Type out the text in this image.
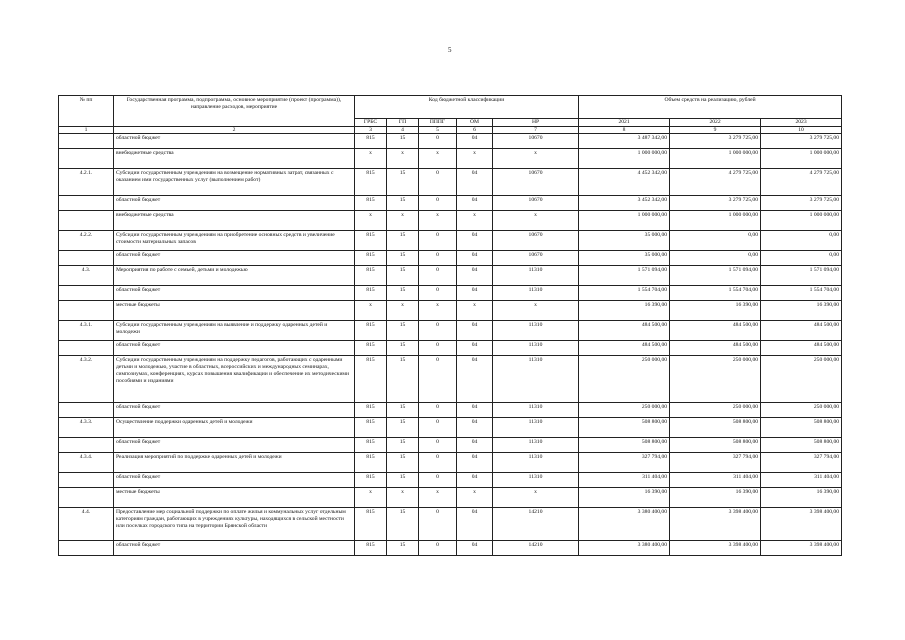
5
№ пп	Государственная программа, подпрограмма, основное мероприятие (проект (программа)), направление расходов, мероприятие	Код бюджетной классификации					Объем средств на реализацию, рублей		
		ГРБС	ГП	ПППГ	ОМ	НР	2021	2022	2023
1	2	3	4	5	6	7	8	9	10
	областной бюджет	815	15	0	04	10670	3 487 342,00	3 279 725,00	3 279 725,00
	внебюджетные средства	х	х	х	х	х	1 000 000,00	1 000 000,00	1 000 000,00
4.2.1.	Субсидии государственным учреждениям на возмещение нормативных затрат, связанных с оказанием ими государственных услуг (выполнением работ)	815	15	0	04	10670	4 452 342,00	4 279 725,00	4 279 725,00
	областной бюджет	815	15	0	04	10670	3 452 342,00	3 279 725,00	3 279 725,00
	внебюджетные средства	х	х	х	х	х	1 000 000,00	1 000 000,00	1 000 000,00
4.2.2.	Субсидии государственным учреждениям на приобретение основных средств и увеличение стоимости материальных запасов	815	15	0	04	10670	35 000,00	0,00	0,00
	областной бюджет	815	15	0	04	10670	35 000,00	0,00	0,00
4.3.	Мероприятия по работе с семьей, детьми и молодежью	815	15	0	04	11310	1 571 094,00	1 571 094,00	1 571 094,00
	областной бюджет	815	15	0	04	11310	1 554 704,00	1 554 704,00	1 554 704,00
	местные бюджеты	х	х	х	х	х	16 390,00	16 390,00	16 390,00
4.3.1.	Субсидии государственным учреждениям на выявление и поддержку одаренных детей и молодежи	815	15	0	04	11310	484 500,00	484 500,00	484 500,00
	областной бюджет	815	15	0	04	11310	484 500,00	484 500,00	484 500,00
4.3.2.	Субсидии государственным учреждениям на поддержку педагогов, работающих с одаренными детьми и молодежью, участие в областных, всероссийских и международных семинарах, симпозиумах, конференциях, курсах повышения квалификации и обеспечение их методическими пособиями и изданиями	815	15	0	04	11310	250 000,00	250 000,00	250 000,00
	областной бюджет	815	15	0	04	11310	250 000,00	250 000,00	250 000,00
4.3.3.	Осуществление поддержки одаренных детей и молодежи	815	15	0	04	11310	508 800,00	508 800,00	508 800,00
	областной бюджет	815	15	0	04	11310	508 800,00	508 800,00	508 800,00
4.3.4.	Реализация мероприятий по поддержке одаренных детей и молодежи	815	15	0	04	11310	327 794,00	327 794,00	327 794,00
	областной бюджет	815	15	0	04	11310	311 404,00	311 404,00	311 404,00
	местные бюджеты	х	х	х	х	х	16 390,00	16 390,00	16 390,00
4.4.	Предоставление мер социальной поддержки по оплате жилья и коммунальных услуг отдельным категориям граждан, работающих в учреждениях культуры, находящихся в сельской местности или поселках городского типа на территории Брянской области	815	15	0	04	14210	3 380 400,00	3 398 400,00	3 398 400,00
	областной бюджет	815	15	0	04	14210	3 380 400,00	3 398 400,00	3 398 400,00
